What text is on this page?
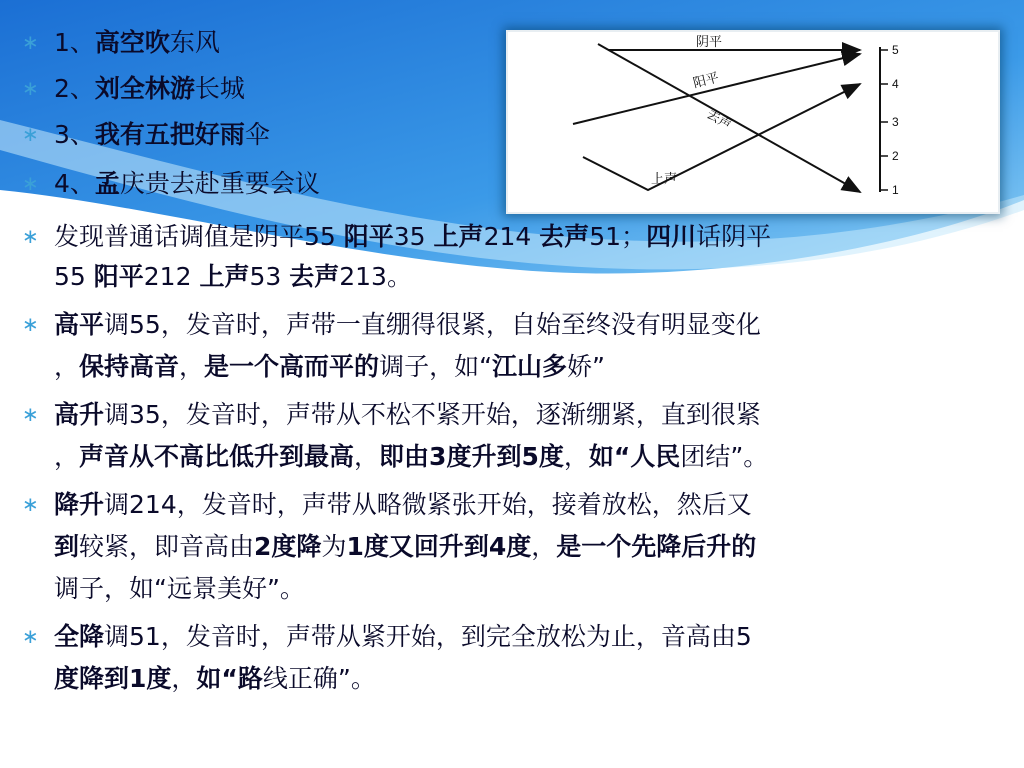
5
4
3
2
1
阴平
阳平
去声
上声
∗ 1、高空吹东风
∗ 2、刘全林游长城
∗ 3、我有五把好雨伞
∗ 4、孟庆贵去赴重要会议
∗ 发现普通话调值是阴平55 阳平35 上声214 去声51；四川话阴平
55 阳平212 上声53 去声213。
∗ 高平调55，发音时，声带一直绷得很紧，自始至终没有明显变化
，保持高音，是一个高而平的调子，如“江山多娇”
∗ 高升调35，发音时，声带从不松不紧开始，逐渐绷紧，直到很紧
，声音从不高比低升到最高，即由3度升到5度，如“人民团结”。
∗ 降升调214，发音时，声带从略微紧张开始，接着放松，然后又
到较紧，即音高由2度降为1度又回升到4度，是一个先降后升的
调子，如“远景美好”。
∗ 全降调51，发音时，声带从紧开始，到完全放松为止，音高由5
度降到1度，如“路线正确”。
